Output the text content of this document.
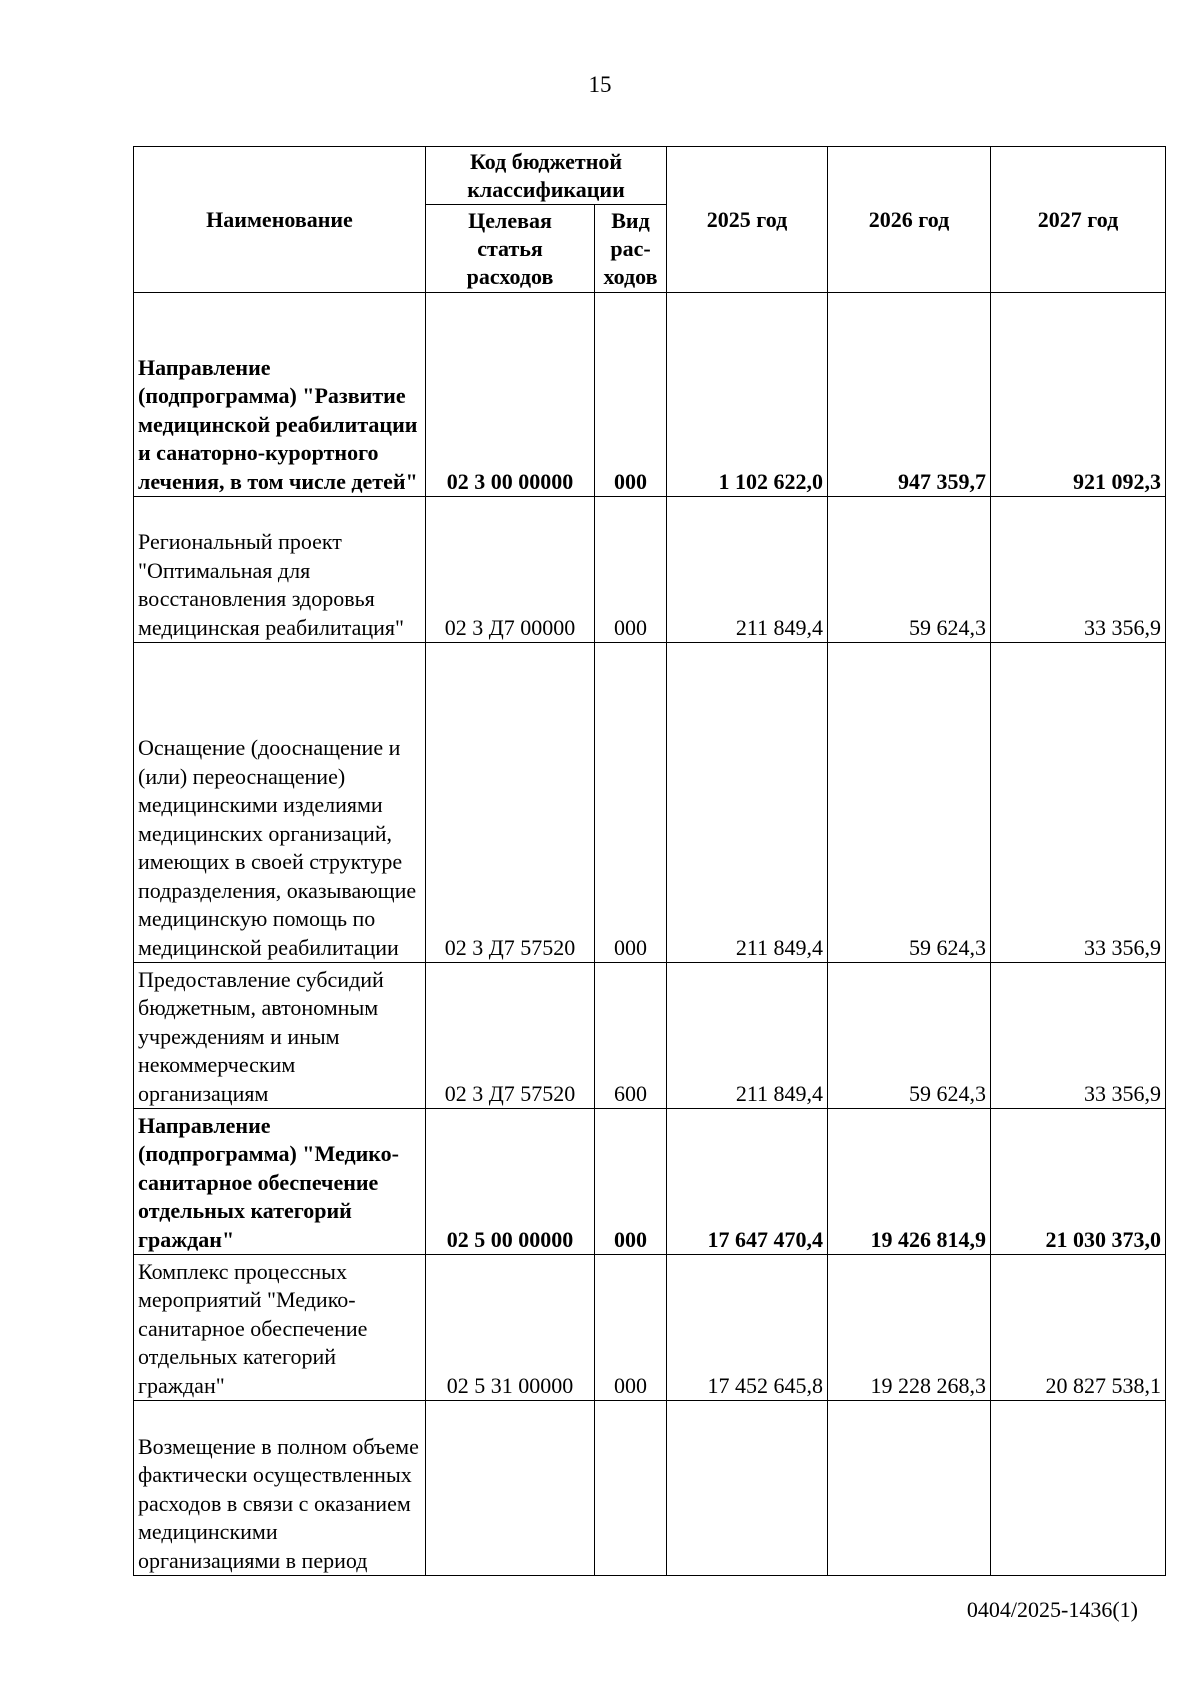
15
Наименование	Код бюджетной классификации		2025 год	2026 год	2027 год
	Целевая статья расходов	Вид рас-ходов			
Направление (подпрограмма) "Развитие медицинской реабилитации и санаторно-курортного лечения, в том числе детей"	02 3 00 00000	000	1 102 622,0	947 359,7	921 092,3
Региональный проект "Оптимальная для восстановления здоровья медицинская реабилитация"	02 3 Д7 00000	000	211 849,4	59 624,3	33 356,9
Оснащение (дооснащение и (или) переоснащение) медицинскими изделиями медицинских организаций, имеющих в своей структуре подразделения, оказывающие медицинскую помощь по медицинской реабилитации	02 3 Д7 57520	000	211 849,4	59 624,3	33 356,9
Предоставление субсидий бюджетным, автономным учреждениям и иным некоммерческим организациям	02 3 Д7 57520	600	211 849,4	59 624,3	33 356,9
Направление (подпрограмма) "Медико-санитарное обеспечение отдельных категорий граждан"	02 5 00 00000	000	17 647 470,4	19 426 814,9	21 030 373,0
Комплекс процессных мероприятий "Медико-санитарное обеспечение отдельных категорий граждан"	02 5 31 00000	000	17 452 645,8	19 228 268,3	20 827 538,1
Возмещение в полном объеме фактически осуществленных расходов в связи с оказанием медицинскими организациями в период					
0404/2025-1436(1)
